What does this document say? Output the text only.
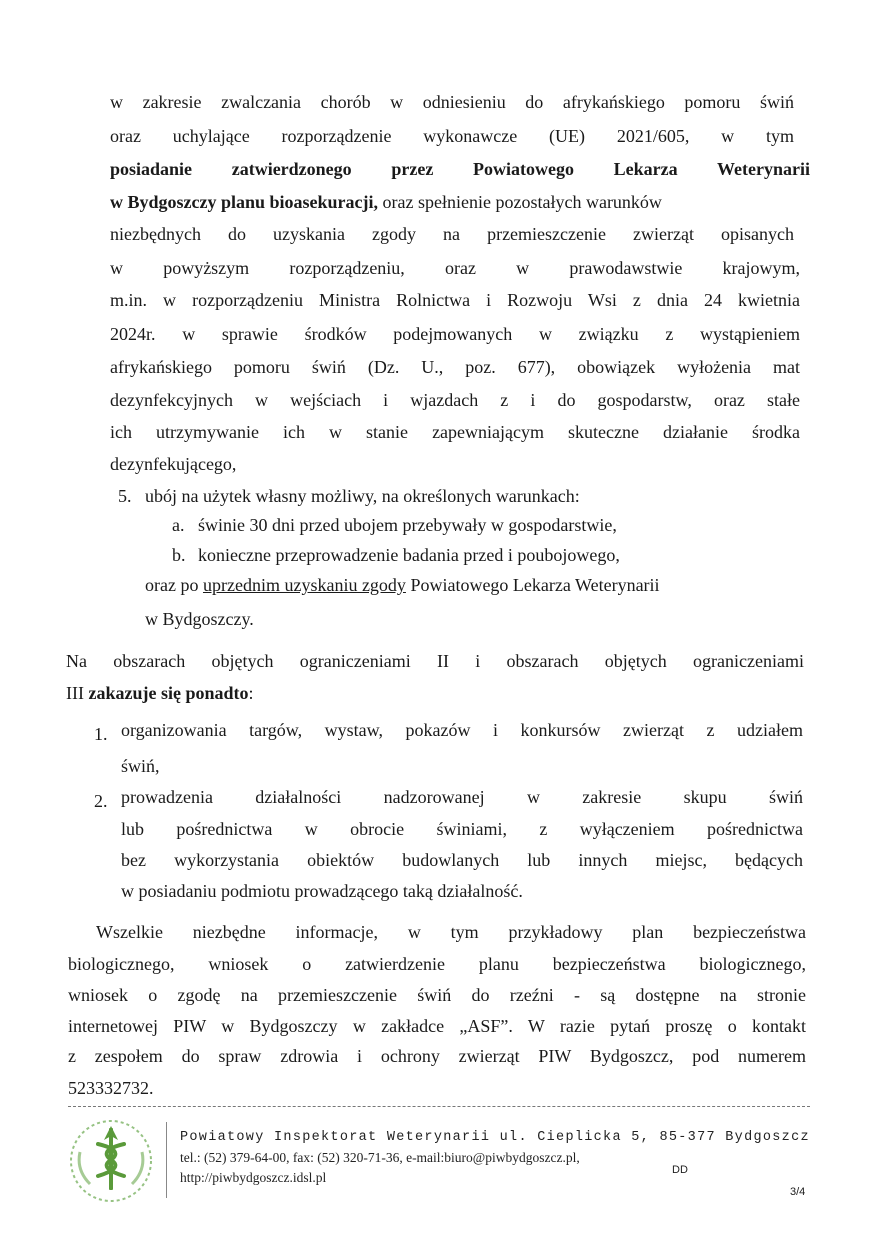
w zakresie zwalczania chorób w odniesieniu do afrykańskiego pomoru świń
oraz uchylające rozporządzenie wykonawcze (UE) 2021/605, w tym
posiadanie zatwierdzonego przez Powiatowego Lekarza Weterynarii
w Bydgoszczy planu bioasekuracji, oraz spełnienie pozostałych warunków
niezbędnych do uzyskania zgody na przemieszczenie zwierząt opisanych
w powyższym rozporządzeniu, oraz w prawodawstwie krajowym,
m.in. w rozporządzeniu Ministra Rolnictwa i Rozwoju Wsi z dnia 24 kwietnia
2024r. w sprawie środków podejmowanych w związku z wystąpieniem
afrykańskiego pomoru świń (Dz. U., poz. 677), obowiązek wyłożenia mat
dezynfekcyjnych w wejściach i wjazdach z i do gospodarstw, oraz stałe
ich utrzymywanie ich w stanie zapewniającym skuteczne działanie środka
dezynfekującego,
5. ubój na użytek własny możliwy, na określonych warunkach:
a. świnie 30 dni przed ubojem przebywały w gospodarstwie,
b. konieczne przeprowadzenie badania przed i poubojowego,
oraz po uprzednim uzyskaniu zgody Powiatowego Lekarza Weterynarii
w Bydgoszczy.
Na obszarach objętych ograniczeniami II i obszarach objętych ograniczeniami
III zakazuje się ponadto:
1. organizowania targów, wystaw, pokazów i konkursów zwierząt z udziałem
świń,
2. prowadzenia działalności nadzorowanej w zakresie skupu świń
lub pośrednictwa w obrocie świniami, z wyłączeniem pośrednictwa
bez wykorzystania obiektów budowlanych lub innych miejsc, będących
w posiadaniu podmiotu prowadzącego taką działalność.
Wszelkie niezbędne informacje, w tym przykładowy plan bezpieczeństwa
biologicznego, wniosek o zatwierdzenie planu bezpieczeństwa biologicznego,
wniosek o zgodę na przemieszczenie świń do rzeźni - są dostępne na stronie
internetowej PIW w Bydgoszczy w zakładce „ASF”. W razie pytań proszę o kontakt
z zespołem do spraw zdrowia i ochrony zwierząt PIW Bydgoszcz, pod numerem
523332732.
Powiatowy Inspektorat Weterynarii ul. Cieplicka 5, 85-377 Bydgoszcz
tel.: (52) 379-64-00, fax: (52) 320-71-36, e-mail:biuro@piwbydgoszcz.pl,
http://piwbydgoszcz.idsl.pl	DD
3/4
